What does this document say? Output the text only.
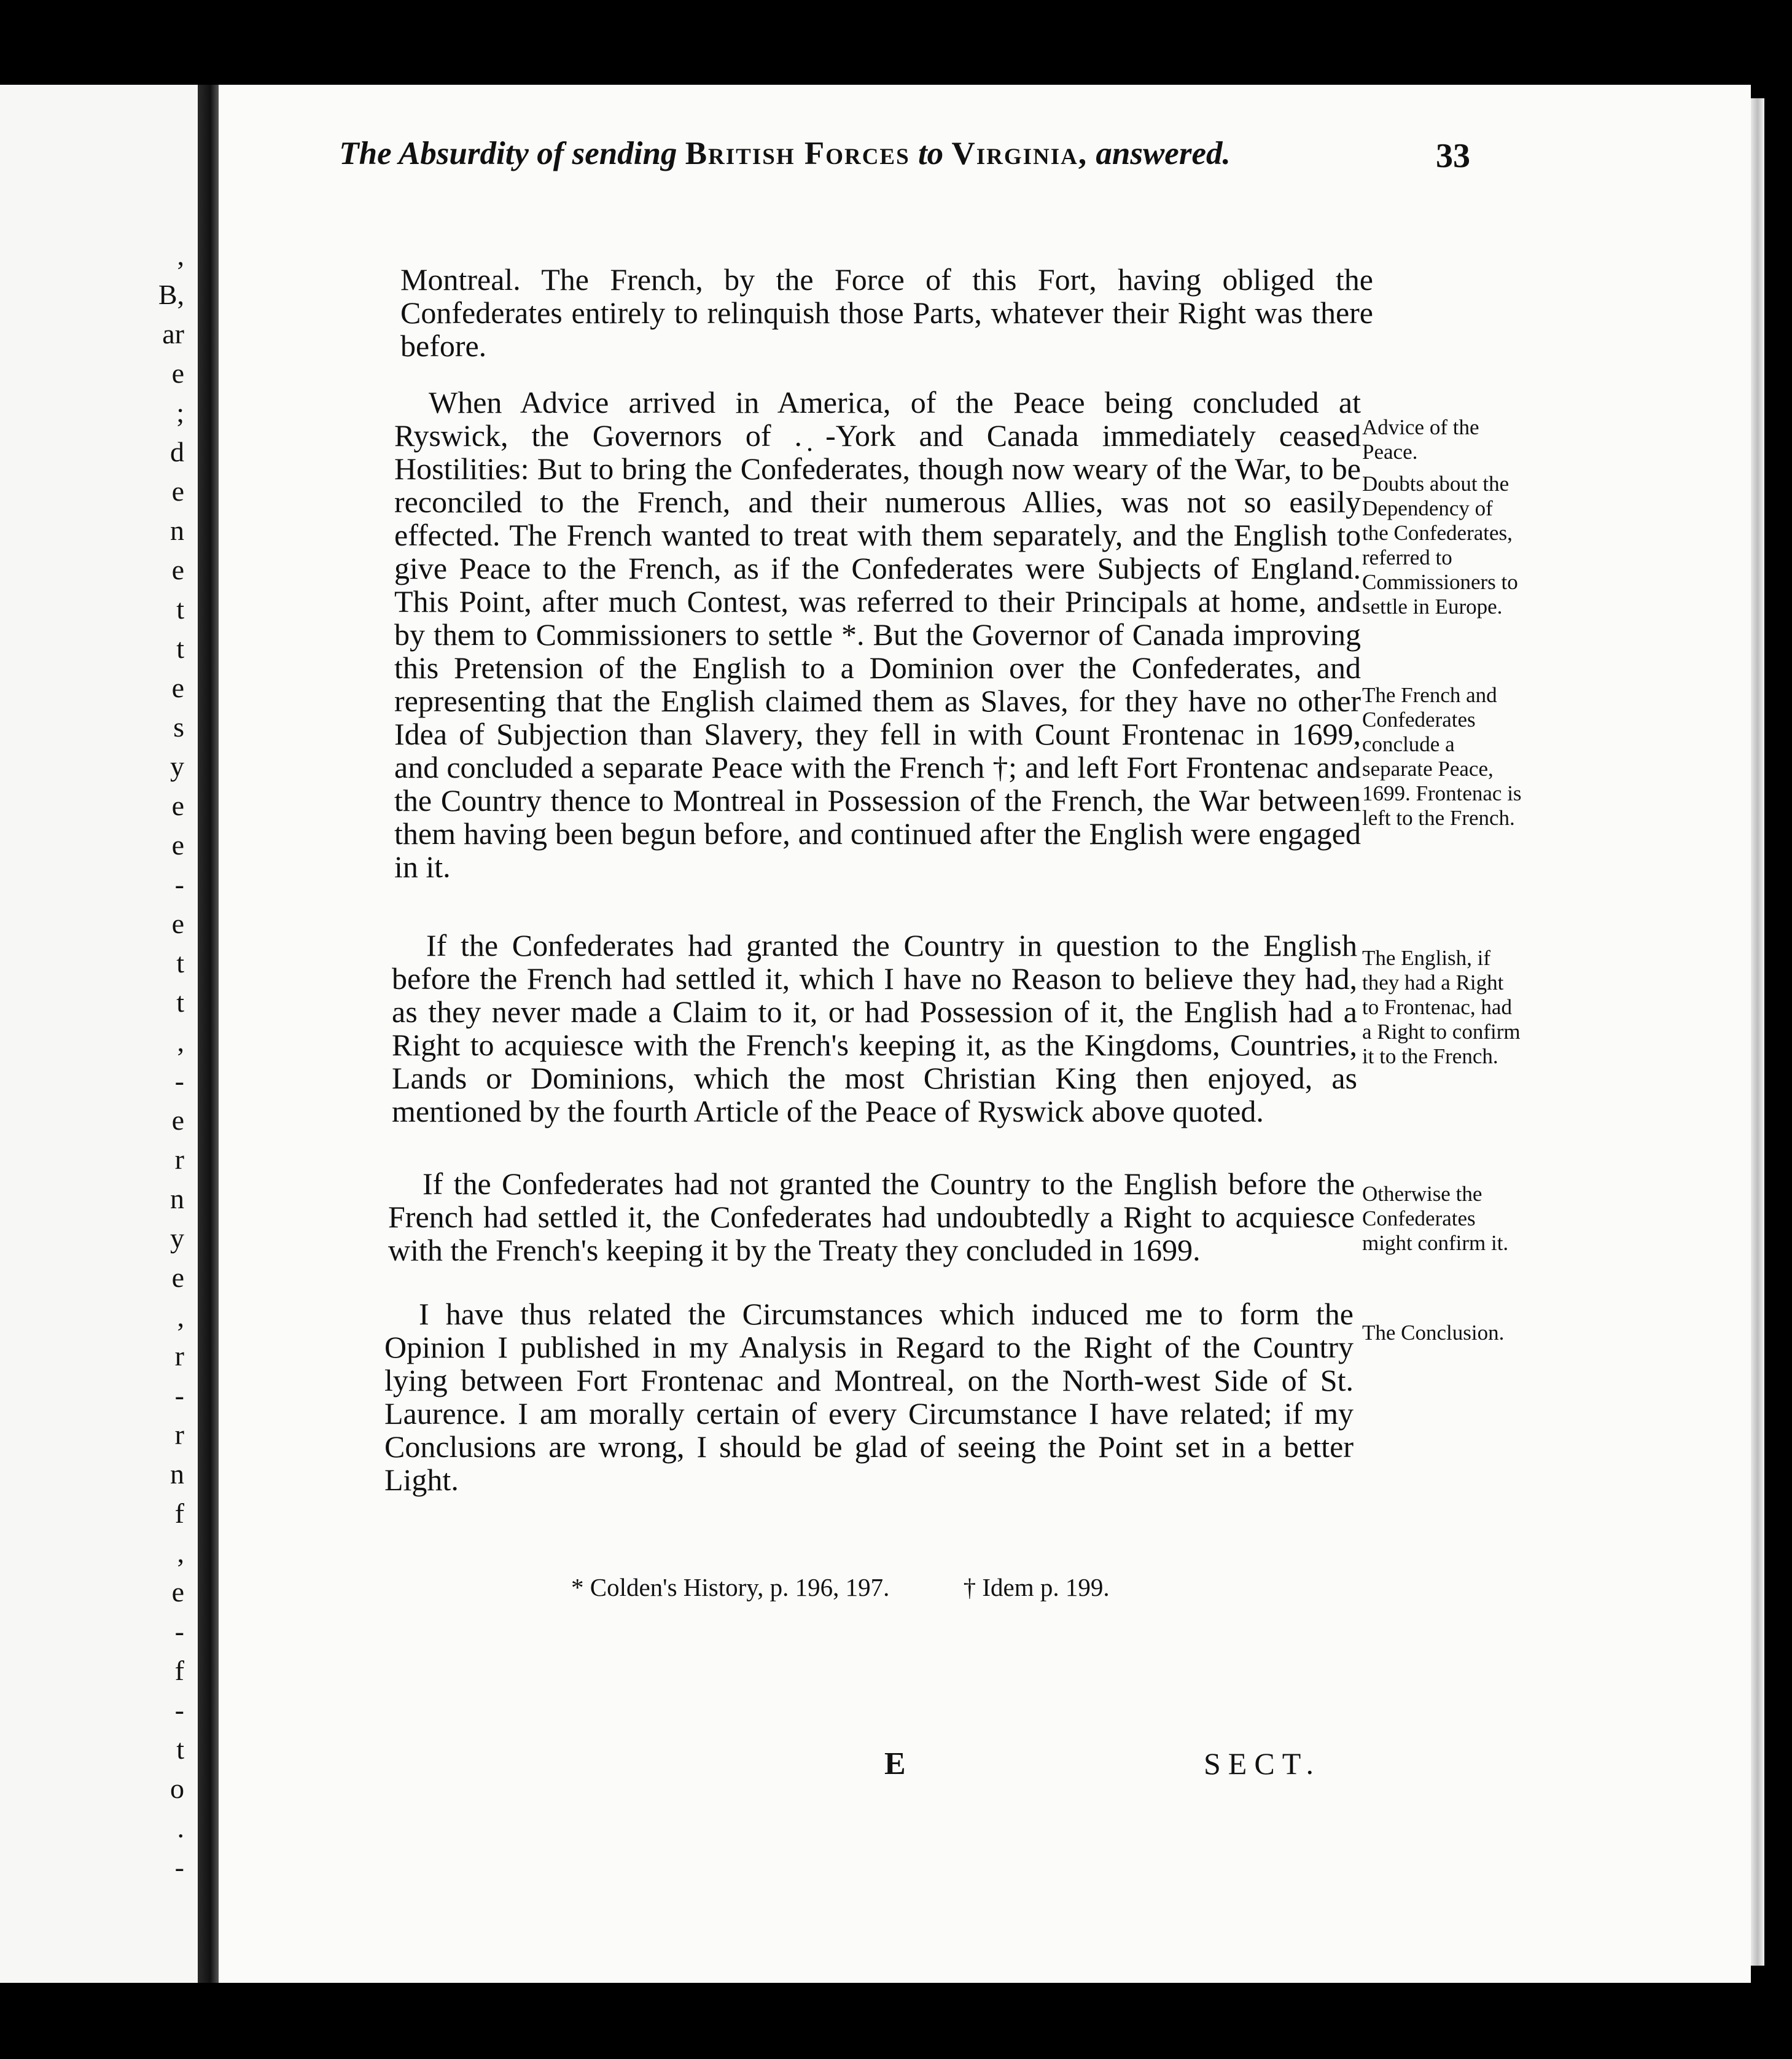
,
B,
ar
e
;
d
e
n
e
t
t
e
s
y
e
e
-
e
t
t
,
-
e
r
n
y
e
,
r
-
r
n
f
,
e
-
f
-
t
o
.
-
The Absurdity of sending British Forces to Virginia, answered.	33

Montreal. The French, by the Force of this Fort, having obliged the Confederates entirely to relinquish those Parts, whatever their Right was there before.

When Advice arrived in America, of the Peace being concluded at Ryswick, the Governors of . ̣-York and Canada immediately ceased Hostilities: But to bring the Confederates, though now weary of the War, to be reconciled to the French, and their numerous Allies, was not so easily effected. The French wanted to treat with them separately, and the English to give Peace to the French, as if the Confederates were Subjects of England. This Point, after much Contest, was referred to their Principals at home, and by them to Commissioners to settle *. But the Governor of Canada improving this Pretension of the English to a Dominion over the Confederates, and representing that the English claimed them as Slaves, for they have no other Idea of Subjection than Slavery, they fell in with Count Frontenac in 1699, and concluded a separate Peace with the French †; and left Fort Frontenac and the Country thence to Montreal in Possession of the French, the War between them having been begun before, and continued after the English were engaged in it.

If the Confederates had granted the Country in question to the English before the French had settled it, which I have no Reason to believe they had, as they never made a Claim to it, or had Possession of it, the English had a Right to acquiesce with the French's keeping it, as the Kingdoms, Countries, Lands or Dominions, which the most Christian King then enjoyed, as mentioned by the fourth Article of the Peace of Ryswick above quoted.

If the Confederates had not granted the Country to the English before the French had settled it, the Confederates had undoubtedly a Right to acquiesce with the French's keeping it by the Treaty they concluded in 1699.

I have thus related the Circumstances which induced me to form the Opinion I published in my Analysis in Regard to the Right of the Country lying between Fort Frontenac and Montreal, on the North-west Side of St. Laurence. I am morally certain of every Circumstance I have related; if my Conclusions are wrong, I should be glad of seeing the Point set in a better Light.

Advice of the Peace.
Doubts about the Dependency of the Confederates, referred to Commissioners to settle in Europe.
The French and Confederates conclude a separate Peace, 1699. Frontenac is left to the French.
The English, if they had a Right to Frontenac, had a Right to confirm it to the French.
Otherwise the Confederates might confirm it.
The Conclusion.
* Colden's History, p. 196, 197.	† Idem p. 199.
E	SECT.
